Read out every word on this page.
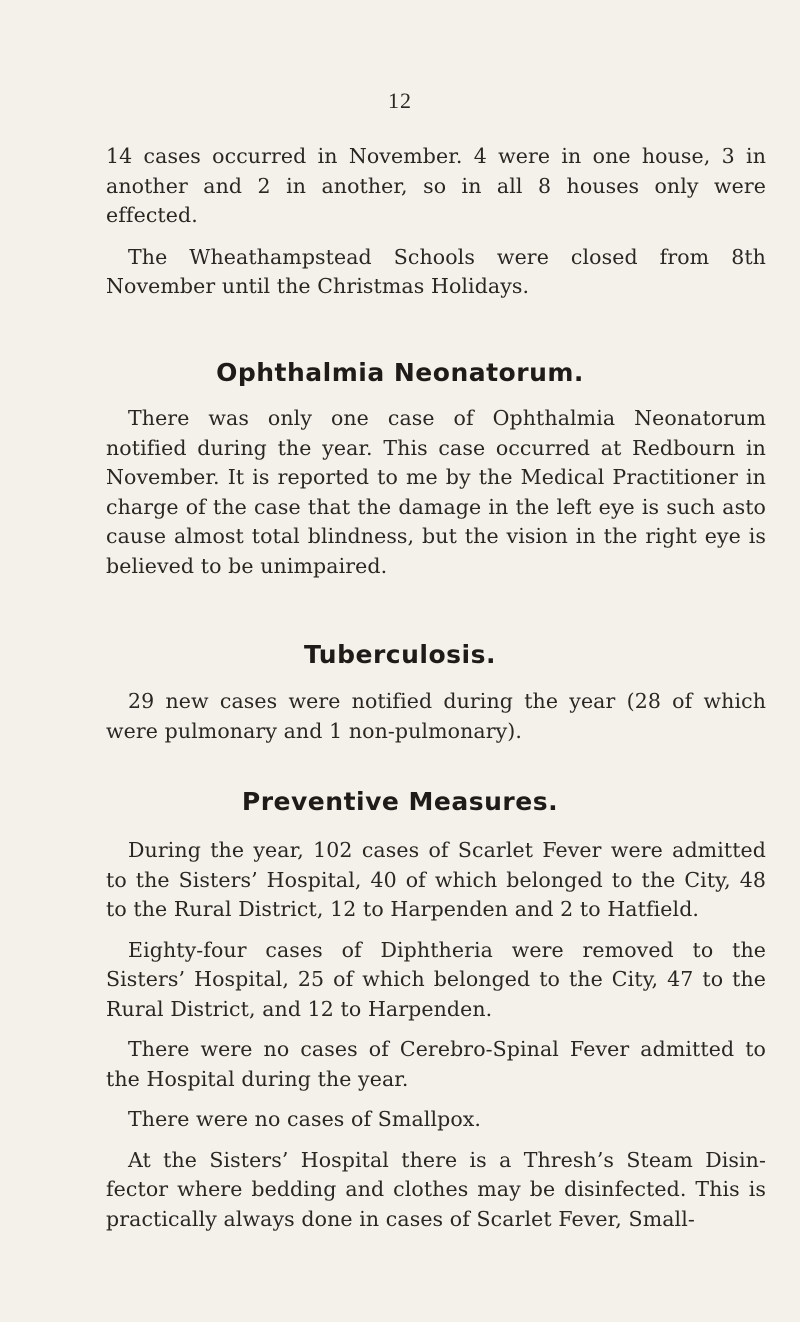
12

14 cases occurred in November. 4 were in one house, 3 in another and 2 in another, so in all 8 houses only were effected.

The Wheathampstead Schools were closed from 8th November until the Christmas Holidays.

Ophthalmia Neonatorum.

There was only one case of Ophthalmia Neonatorum notified during the year. This case occurred at Redbourn in November. It is reported to me by the Medical Practitioner in charge of the case that the damage in the left eye is such asto cause almost total blindness, but the vision in the right eye is believed to be unimpaired.

Tuberculosis.

29 new cases were notified during the year (28 of which were pulmonary and 1 non-pulmonary).

Preventive Measures.

During the year, 102 cases of Scarlet Fever were admitted to the Sisters’ Hospital, 40 of which belonged to the City, 48 to the Rural District, 12 to Harpenden and 2 to Hatfield.

Eighty-four cases of Diphtheria were removed to the Sisters’ Hospital, 25 of which belonged to the City, 47 to the Rural District, and 12 to Harpenden.

There were no cases of Cerebro-Spinal Fever admitted to the Hospital during the year.

There were no cases of Smallpox.

At the Sisters’ Hospital there is a Thresh’s Steam Disin-fector where bedding and clothes may be disinfected. This is practically always done in cases of Scarlet Fever, Small-
